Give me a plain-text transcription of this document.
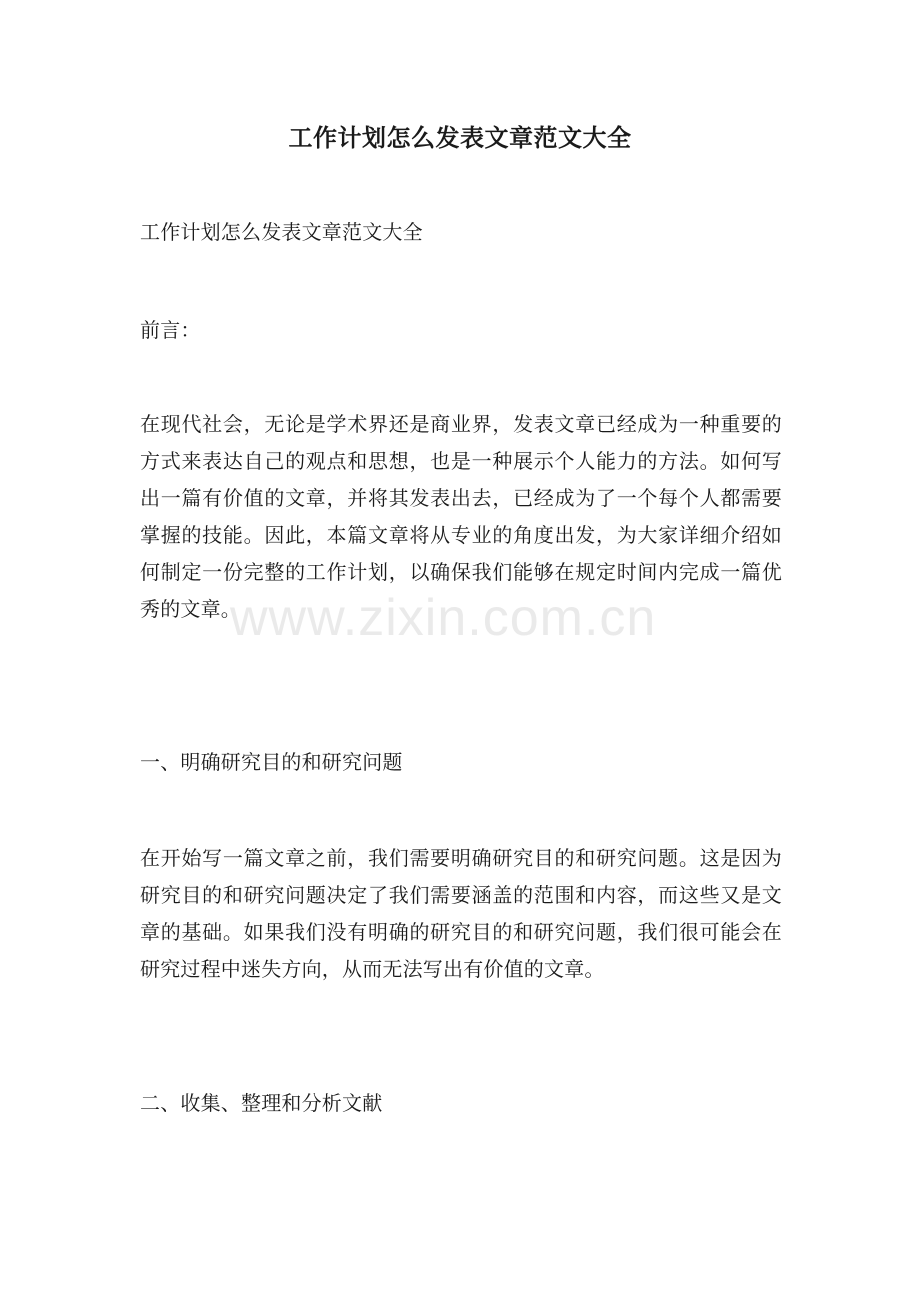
工作计划怎么发表文章范文大全

工作计划怎么发表文章范文大全

前言：

在现代社会，无论是学术界还是商业界，发表文章已经成为一种重要的方式来表达自己的观点和思想，也是一种展示个人能力的方法。如何写出一篇有价值的文章，并将其发表出去，已经成为了一个每个人都需要掌握的技能。因此，本篇文章将从专业的角度出发，为大家详细介绍如何制定一份完整的工作计划，以确保我们能够在规定时间内完成一篇优秀的文章。

一、明确研究目的和研究问题

在开始写一篇文章之前，我们需要明确研究目的和研究问题。这是因为研究目的和研究问题决定了我们需要涵盖的范围和内容，而这些又是文章的基础。如果我们没有明确的研究目的和研究问题，我们很可能会在研究过程中迷失方向，从而无法写出有价值的文章。

二、收集、整理和分析文献

www.zixin.com.cn
